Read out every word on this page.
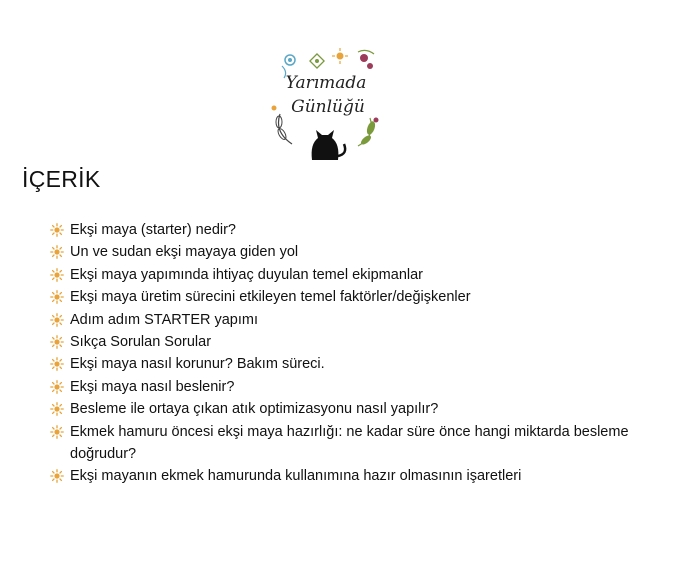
Yarımada
Günlüğü
İÇERİK
Ekşi maya (starter) nedir?
Un ve sudan ekşi mayaya giden yol
Ekşi maya yapımında ihtiyaç duyulan temel ekipmanlar
Ekşi maya üretim sürecini etkileyen temel faktörler/değişkenler
Adım adım STARTER yapımı
Sıkça Sorulan Sorular
Ekşi maya nasıl korunur? Bakım süreci.
Ekşi maya nasıl beslenir?
Besleme ile ortaya çıkan atık optimizasyonu nasıl yapılır?
Ekmek hamuru öncesi ekşi maya hazırlığı: ne kadar süre önce hangi miktarda besleme doğrudur?
Ekşi mayanın ekmek hamurunda kullanımına hazır olmasının işaretleri
